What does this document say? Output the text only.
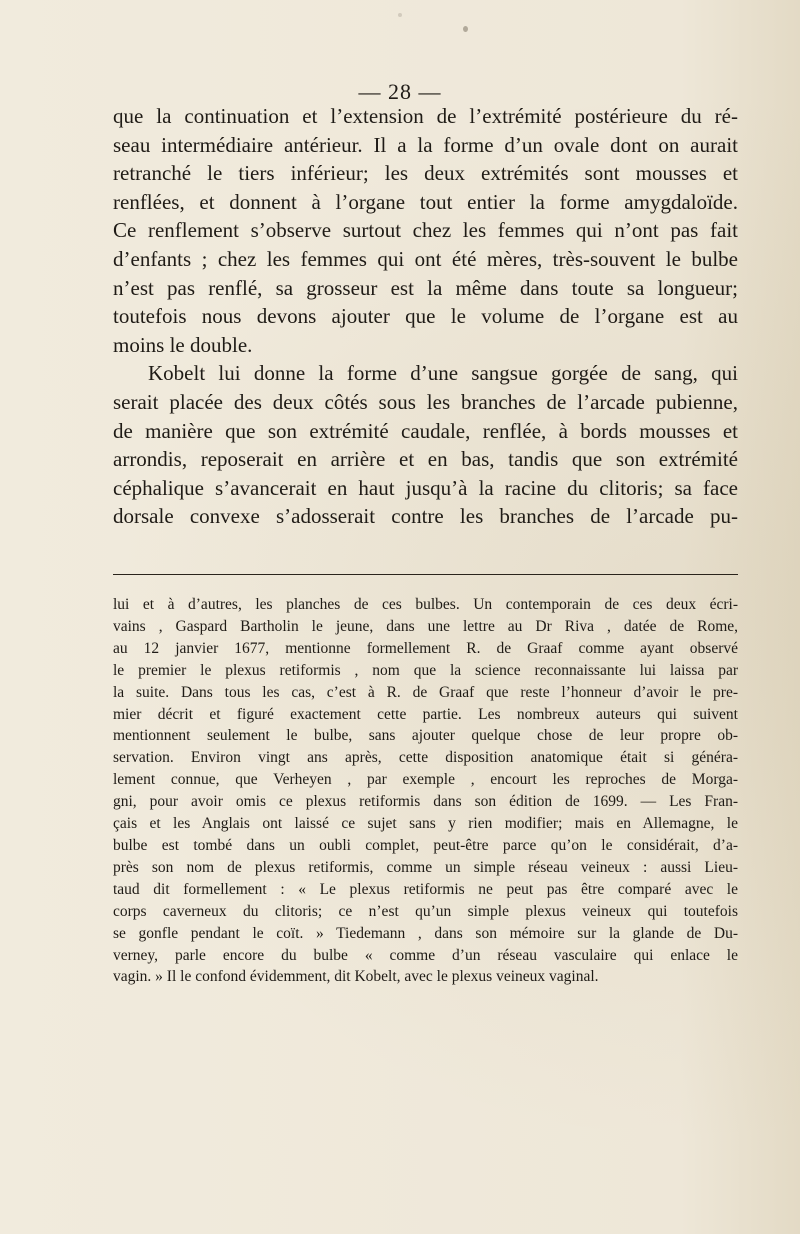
— 28 —
que la continuation et l’extension de l’extrémité postérieure du ré-
seau intermédiaire antérieur. Il a la forme d’un ovale dont on aurait
retranché le tiers inférieur; les deux extrémités sont mousses et
renflées, et donnent à l’organe tout entier la forme amygdaloïde.
Ce renflement s’observe surtout chez les femmes qui n’ont pas fait
d’enfants ; chez les femmes qui ont été mères, très-souvent le bulbe
n’est pas renflé, sa grosseur est la même dans toute sa longueur;
toutefois nous devons ajouter que le volume de l’organe est au
moins le double.
Kobelt lui donne la forme d’une sangsue gorgée de sang, qui
serait placée des deux côtés sous les branches de l’arcade pubienne,
de manière que son extrémité caudale, renflée, à bords mousses et
arrondis, reposerait en arrière et en bas, tandis que son extrémité
céphalique s’avancerait en haut jusqu’à la racine du clitoris; sa face
dorsale convexe s’adosserait contre les branches de l’arcade pu-
lui et à d’autres, les planches de ces bulbes. Un contemporain de ces deux écri-
vains , Gaspard Bartholin le jeune, dans une lettre au Dr Riva , datée de Rome,
au 12 janvier 1677, mentionne formellement R. de Graaf comme ayant observé
le premier le plexus retiformis , nom que la science reconnaissante lui laissa par
la suite. Dans tous les cas, c’est à R. de Graaf que reste l’honneur d’avoir le pre-
mier décrit et figuré exactement cette partie. Les nombreux auteurs qui suivent
mentionnent seulement le bulbe, sans ajouter quelque chose de leur propre ob-
servation. Environ vingt ans après, cette disposition anatomique était si généra-
lement connue, que Verheyen , par exemple , encourt les reproches de Morga-
gni, pour avoir omis ce plexus retiformis dans son édition de 1699. — Les Fran-
çais et les Anglais ont laissé ce sujet sans y rien modifier; mais en Allemagne, le
bulbe est tombé dans un oubli complet, peut-être parce qu’on le considérait, d’a-
près son nom de plexus retiformis, comme un simple réseau veineux : aussi Lieu-
taud dit formellement : « Le plexus retiformis ne peut pas être comparé avec le
corps caverneux du clitoris; ce n’est qu’un simple plexus veineux qui toutefois
se gonfle pendant le coït. » Tiedemann , dans son mémoire sur la glande de Du-
verney, parle encore du bulbe « comme d’un réseau vasculaire qui enlace le
vagin. » Il le confond évidemment, dit Kobelt, avec le plexus veineux vaginal.
